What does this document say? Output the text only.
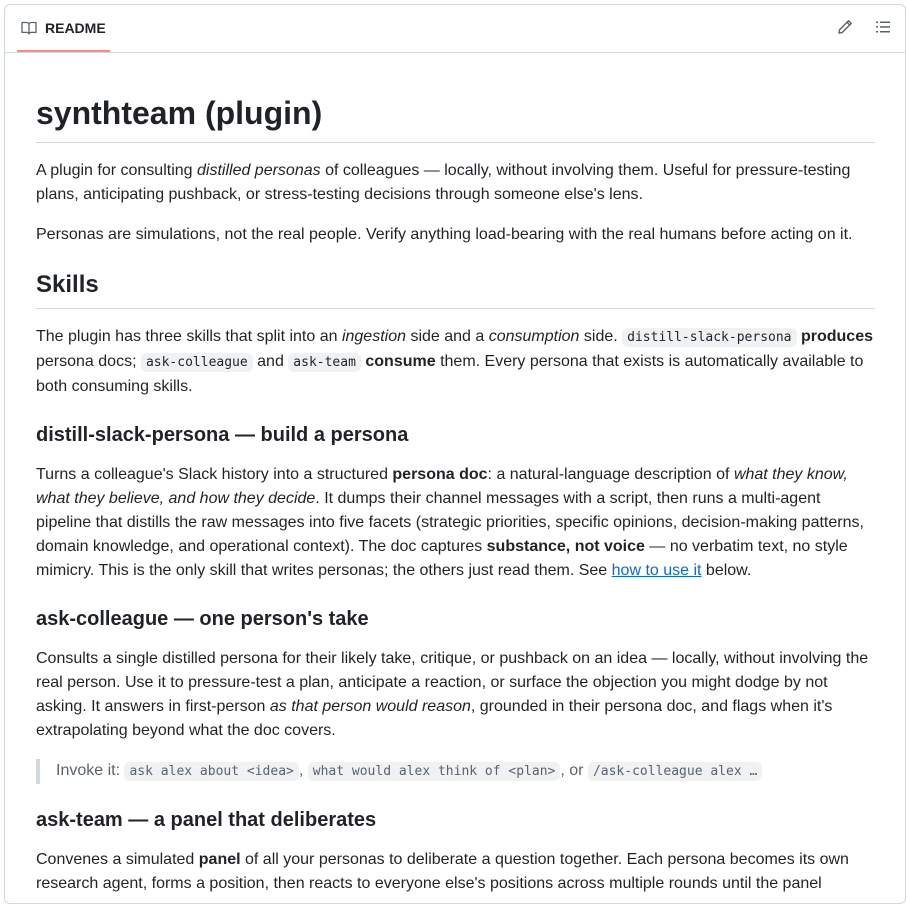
README
synthteam (plugin)

A plugin for consulting distilled personas of colleagues — locally, without involving them. Useful for pressure-testing plans, anticipating pushback, or stress-testing decisions through someone else's lens.

Personas are simulations, not the real people. Verify anything load-bearing with the real humans before acting on it.

Skills

The plugin has three skills that split into an ingestion side and a consumption side. distill-slack-persona produces persona docs; ask-colleague and ask-team consume them. Every persona that exists is automatically available to both consuming skills.

distill-slack-persona — build a persona

Turns a colleague's Slack history into a structured persona doc: a natural-language description of what they know, what they believe, and how they decide. It dumps their channel messages with a script, then runs a multi-agent pipeline that distills the raw messages into five facets (strategic priorities, specific opinions, decision-making patterns, domain knowledge, and operational context). The doc captures substance, not voice — no verbatim text, no style mimicry. This is the only skill that writes personas; the others just read them. See how to use it below.

ask-colleague — one person's take

Consults a single distilled persona for their likely take, critique, or pushback on an idea — locally, without involving the real person. Use it to pressure-test a plan, anticipate a reaction, or surface the objection you might dodge by not asking. It answers in first-person as that person would reason, grounded in their persona doc, and flags when it's extrapolating beyond what the doc covers.

Invoke it: ask alex about <idea> , what would alex think of <plan> , or /ask-colleague alex …
ask-team — a panel that deliberates

Convenes a simulated panel of all your personas to deliberate a question together. Each persona becomes its own research agent, forms a position, then reacts to everyone else's positions across multiple rounds until the panel
